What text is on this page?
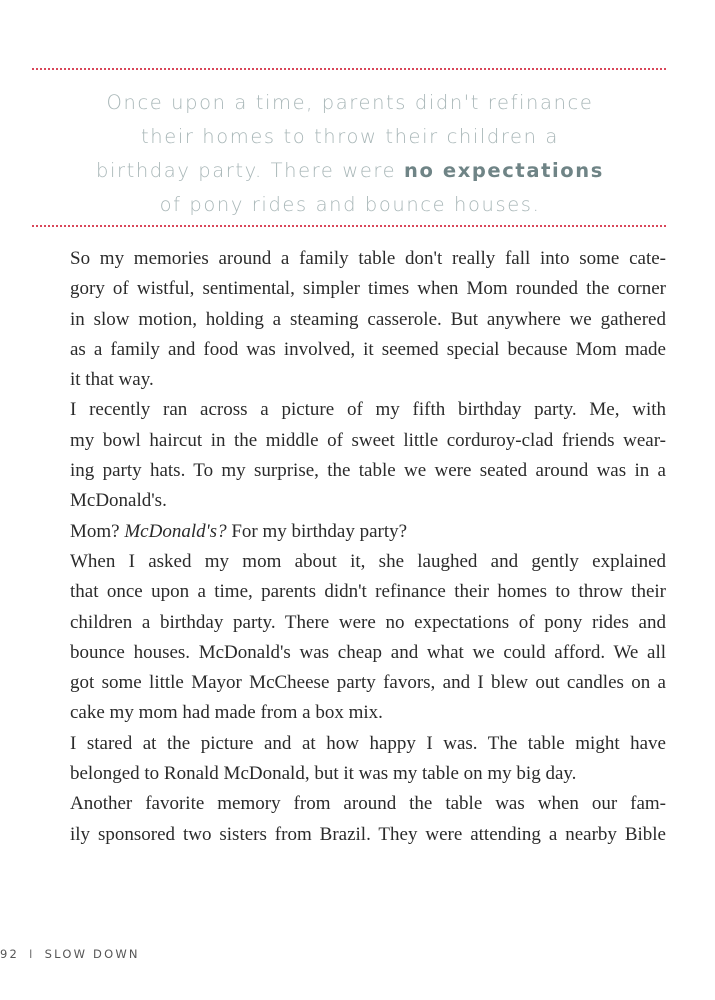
Once upon a time, parents didn't refinance
their homes to throw their children a
birthday party. There were no expectations
of pony rides and bounce houses.

So my memories around a family table don't really fall into some cate-
gory of wistful, sentimental, simpler times when Mom rounded the corner
in slow motion, holding a steaming casserole. But anywhere we gathered
as a family and food was involved, it seemed special because Mom made
it that way.

I recently ran across a picture of my fifth birthday party. Me, with
my bowl haircut in the middle of sweet little corduroy-clad friends wear-
ing party hats. To my surprise, the table we were seated around was in a
McDonald's.

Mom? McDonald's? For my birthday party?

When I asked my mom about it, she laughed and gently explained
that once upon a time, parents didn't refinance their homes to throw their
children a birthday party. There were no expectations of pony rides and
bounce houses. McDonald's was cheap and what we could afford. We all
got some little Mayor McCheese party favors, and I blew out candles on a
cake my mom had made from a box mix.

I stared at the picture and at how happy I was. The table might have
belonged to Ronald McDonald, but it was my table on my big day.

Another favorite memory from around the table was when our fam-
ily sponsored two sisters from Brazil. They were attending a nearby Bible

92 I SLOW DOWN
